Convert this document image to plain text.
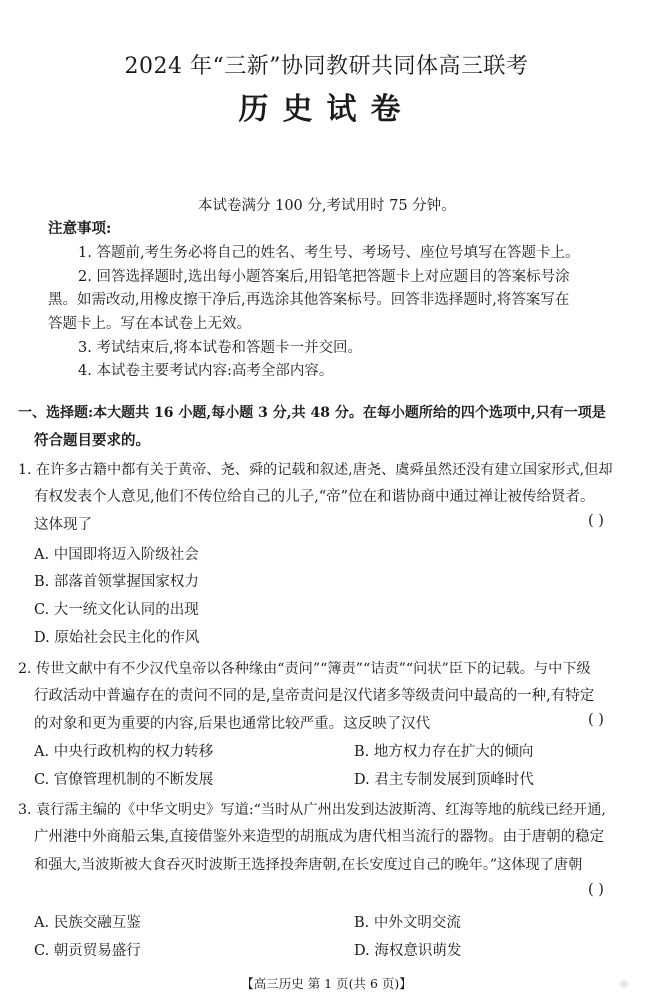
2024 年“三新”协同教研共同体高三联考
历史试卷
本试卷满分 100 分,考试用时 75 分钟。
注意事项:
1. 答题前,考生务必将自己的姓名、考生号、考场号、座位号填写在答题卡上。
2. 回答选择题时,选出每小题答案后,用铅笔把答题卡上对应题目的答案标号涂
黑。如需改动,用橡皮擦干净后,再选涂其他答案标号。回答非选择题时,将答案写在
答题卡上。写在本试卷上无效。
3. 考试结束后,将本试卷和答题卡一并交回。
4. 本试卷主要考试内容:高考全部内容。
一、选择题:本大题共 16 小题,每小题 3 分,共 48 分。在每小题所给的四个选项中,只有一项是
符合题目要求的。
1. 在许多古籍中都有关于黄帝、尧、舜的记载和叙述,唐尧、虞舜虽然还没有建立国家形式,但却
有权发表个人意见,他们不传位给自己的儿子,“帝”位在和谐协商中通过禅让被传给贤者。
这体现了	( )
A. 中国即将迈入阶级社会
B. 部落首领掌握国家权力
C. 大一统文化认同的出现
D. 原始社会民主化的作风
2. 传世文献中有不少汉代皇帝以各种缘由“责问”“簿责”“诘责”“问状”臣下的记载。与中下级
行政活动中普遍存在的责问不同的是,皇帝责问是汉代诸多等级责问中最高的一种,有特定
的对象和更为重要的内容,后果也通常比较严重。这反映了汉代	( )
A. 中央行政机构的权力转移	B. 地方权力存在扩大的倾向
C. 官僚管理机制的不断发展	D. 君主专制发展到顶峰时代
3. 袁行霈主编的《中华文明史》写道:“当时从广州出发到达波斯湾、红海等地的航线已经开通,
广州港中外商船云集,直接借鉴外来造型的胡瓶成为唐代相当流行的器物。由于唐朝的稳定
和强大,当波斯被大食吞灭时波斯王选择投奔唐朝,在长安度过自己的晚年。”这体现了唐朝
( )
A. 民族交融互鉴	B. 中外文明交流
C. 朝贡贸易盛行	D. 海权意识萌发
【高三历史 第 1 页(共 6 页)】
